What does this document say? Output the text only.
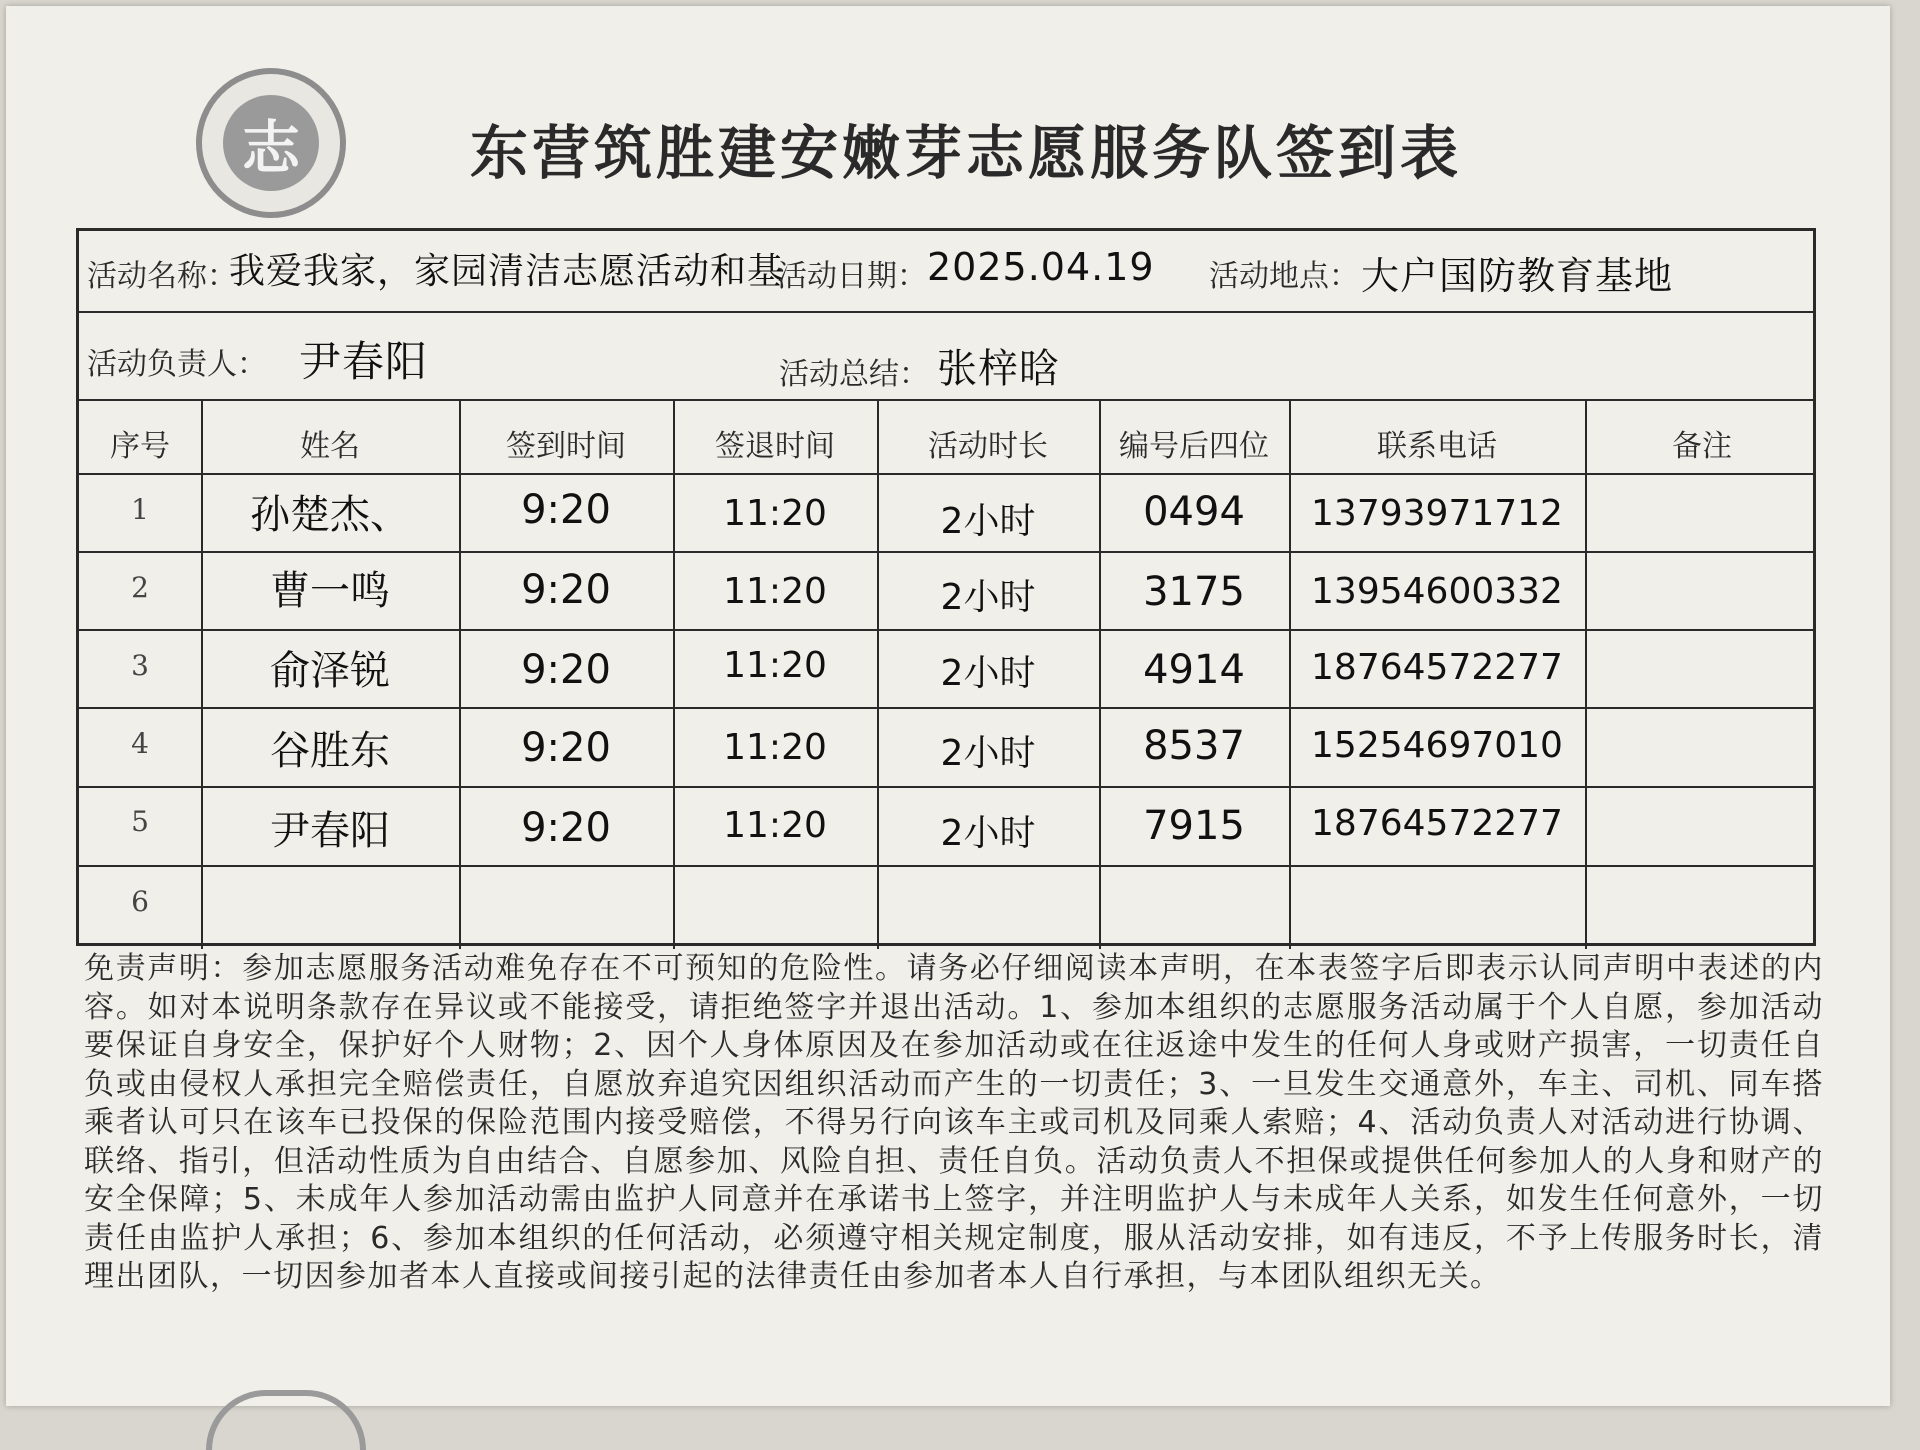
志	东营筑胜建安嫩芽志愿服务队签到表
活动名称：
我爱我家，家园清洁志愿活动和基
活动日期： 2025.04.19 活动地点： 大户国防教育基地
活动负责人： 尹春阳	活动总结： 张梓晗
序号	姓名	签到时间	签退时间	活动时长	编号后四位	联系电话	备注
1	孙楚杰、	9:20	11:20	2小时	0494	13793971712
2	曹一鸣	9:20	11:20	2小时	3175	13954600332
3	俞泽锐	9:20	11:20	2小时	4914	18764572277
4	谷胜东	9:20	11:20	2小时	8537	15254697010
5	尹春阳	9:20	11:20	2小时	7915	18764572277
6
免责声明：参加志愿服务活动难免存在不可预知的危险性。请务必仔细阅读本声明，在本表签字后即表示认同声明中表述的内容。如对本说明条款存在异议或不能接受，请拒绝签字并退出活动。1、参加本组织的志愿服务活动属于个人自愿，参加活动要保证自身安全，保护好个人财物；2、因个人身体原因及在参加活动或在往返途中发生的任何人身或财产损害，一切责任自负或由侵权人承担完全赔偿责任，自愿放弃追究因组织活动而产生的一切责任；3、一旦发生交通意外，车主、司机、同车搭乘者认可只在该车已投保的保险范围内接受赔偿，不得另行向该车主或司机及同乘人索赔；4、活动负责人对活动进行协调、联络、指引，但活动性质为自由结合、自愿参加、风险自担、责任自负。活动负责人不担保或提供任何参加人的人身和财产的安全保障；5、未成年人参加活动需由监护人同意并在承诺书上签字，并注明监护人与未成年人关系，如发生任何意外，一切责任由监护人承担；6、参加本组织的任何活动，必须遵守相关规定制度，服从活动安排，如有违反，不予上传服务时长，清理出团队，一切因参加者本人直接或间接引起的法律责任由参加者本人自行承担，与本团队组织无关。
